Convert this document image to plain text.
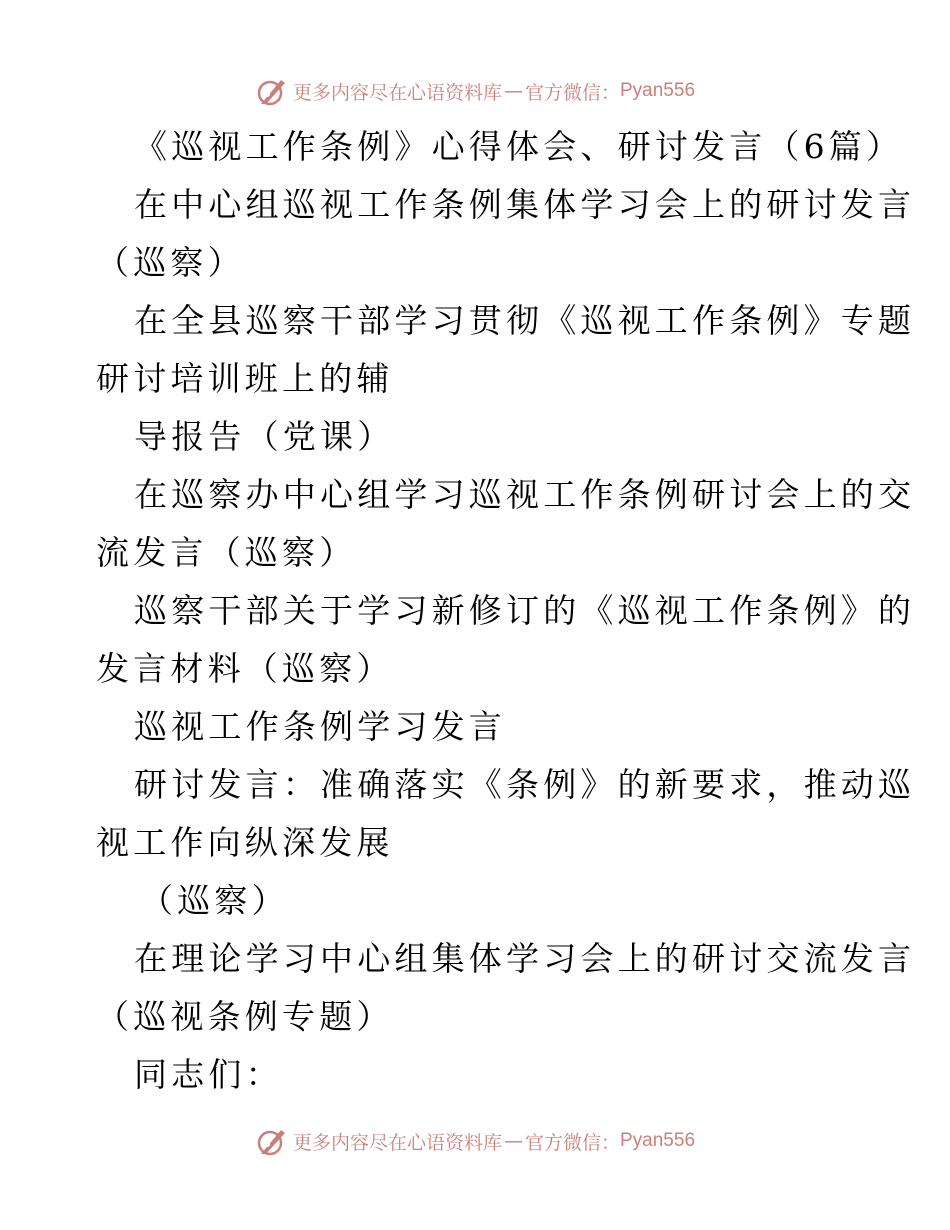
更多内容尽在心语资料库 — 官方微信： Pyan556
《巡视工作条例》心得体会、研讨发言（6篇）
在中心组巡视工作条例集体学习会上的研讨发言
（巡察）
在全县巡察干部学习贯彻《巡视工作条例》专题
研讨培训班上的辅
导报告（党课）
在巡察办中心组学习巡视工作条例研讨会上的交
流发言（巡察）
巡察干部关于学习新修订的《巡视工作条例》的
发言材料（巡察）
巡视工作条例学习发言
研讨发言：准确落实《条例》的新要求，推动巡
视工作向纵深发展
（巡察）
在理论学习中心组集体学习会上的研讨交流发言
（巡视条例专题）
同志们：
更多内容尽在心语资料库 — 官方微信： Pyan556
